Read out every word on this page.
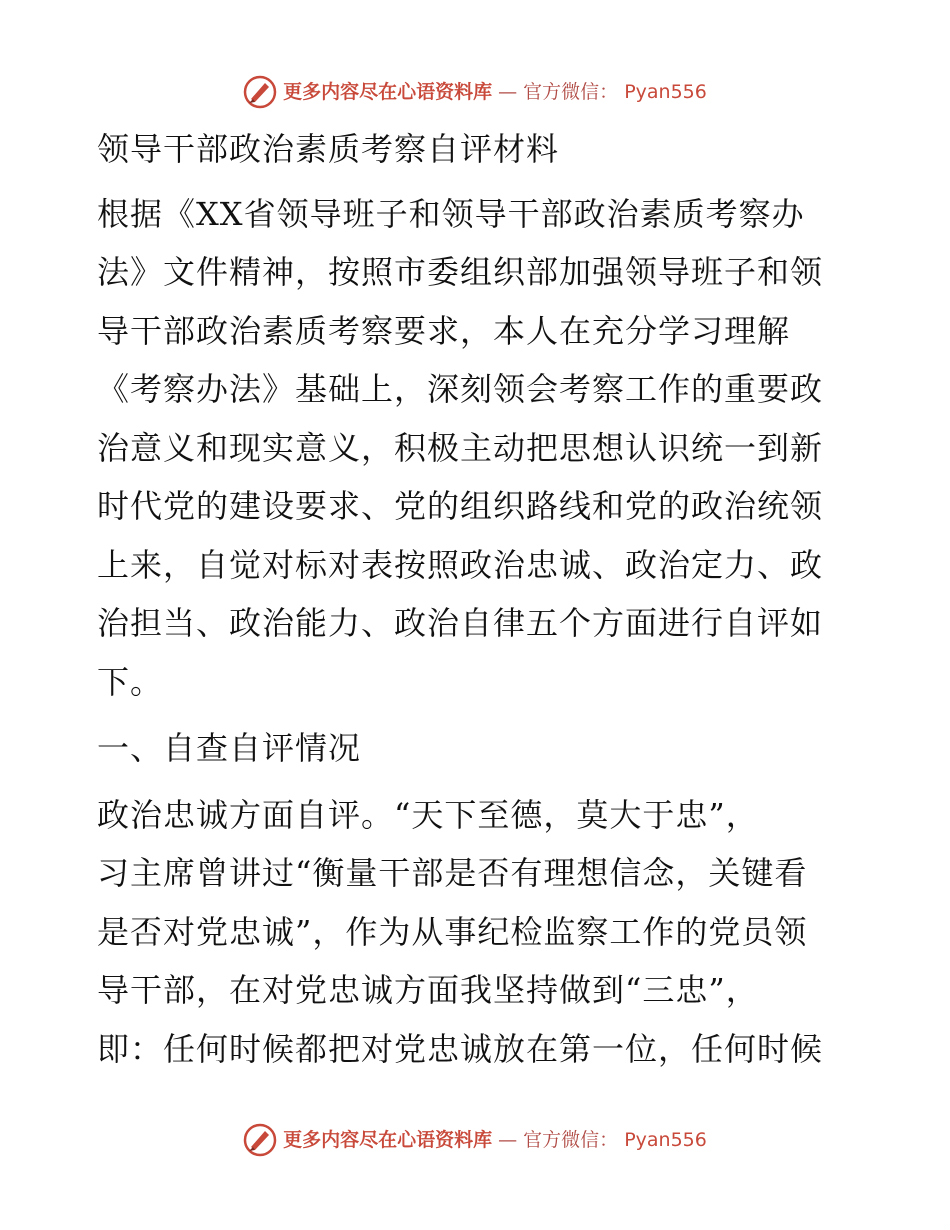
更多内容尽在心语资料库 — 官方微信： Pyan556
领导干部政治素质考察自评材料
根据《XX省领导班子和领导干部政治素质考察办
法》文件精神，按照市委组织部加强领导班子和领
导干部政治素质考察要求，本人在充分学习理解
《考察办法》基础上，深刻领会考察工作的重要政
治意义和现实意义，积极主动把思想认识统一到新
时代党的建设要求、党的组织路线和党的政治统领
上来，自觉对标对表按照政治忠诚、政治定力、政
治担当、政治能力、政治自律五个方面进行自评如
下。
一、自查自评情况
政治忠诚方面自评。“天下至德，莫大于忠”，
习主席曾讲过“衡量干部是否有理想信念，关键看
是否对党忠诚”，作为从事纪检监察工作的党员领
导干部，在对党忠诚方面我坚持做到“三忠”，
即：任何时候都把对党忠诚放在第一位，任何时候
更多内容尽在心语资料库 — 官方微信： Pyan556
